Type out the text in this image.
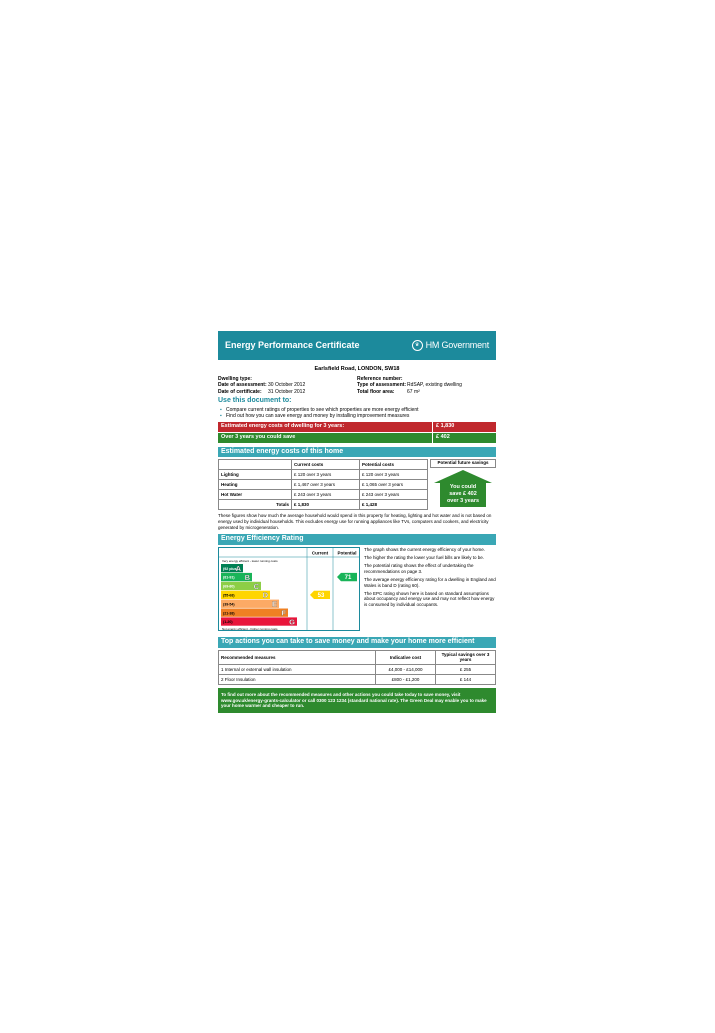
Energy Performance Certificate	♛ HM Government
Earlsfield Road, LONDON, SW18
Dwelling type:
Date of assessment: 30 October 2012
Date of certificate:	31 October 2012
Reference number:
Type of assessment: RdSAP, existing dwelling
Total floor area:	67 m²
Use this document to:
▪ Compare current ratings of properties to see which properties are more energy efficient
▪ Find out how you can save energy and money by installing improvement measures
Estimated energy costs of dwelling for 3 years:	£ 1,830
Over 3 years you could save	£ 402
Estimated energy costs of this home
	Current costs	Potential costs
Lighting	£ 120 over 3 years	£ 120 over 3 years
Heating	£ 1,467 over 3 years	£ 1,065 over 3 years
Hot Water	£ 243 over 3 years	£ 243 over 3 years
Totals	£ 1,830	£ 1,428
Potential future savings
You could
save £ 402
over 3 years
These figures show how much the average household would spend in this property for heating, lighting and hot water and is not based on energy used by individual households. This excludes energy use for running appliances like TVs, computers and cookers, and electricity generated by microgeneration.
Energy Efficiency Rating
Current Potential
Very energy efficient - lower running costs
Not energy efficient - higher running costs
(92 plus)
A
(81-91) B
(69-80)	C
(55-68)	D
(39-54)	E
(21-38)	F
(1-20)	G
53
71

The graph shows the current energy efficiency of your home.

The higher the rating the lower your fuel bills are likely to be.

The potential rating shows the effect of undertaking the recommendations on page 3.

The average energy efficiency rating for a dwelling in England and Wales is band D (rating 60).

The EPC rating shown here is based on standard assumptions about occupancy and energy use and may not reflect how energy is consumed by individual occupants.

Top actions you can take to save money and make your home more efficient
Recommended measures	Indicative cost	Typical savings over 3 years
1 Internal or external wall insulation	£4,000 - £14,000	£ 255
2 Floor Insulation	£800 - £1,200	£ 144
To find out more about the recommended measures and other actions you could take today to save money, visit www.gov.uk/energy-grants-calculator or call 0300 123 1234 (standard national rate). The Green Deal may enable you to make your home warmer and cheaper to run.
